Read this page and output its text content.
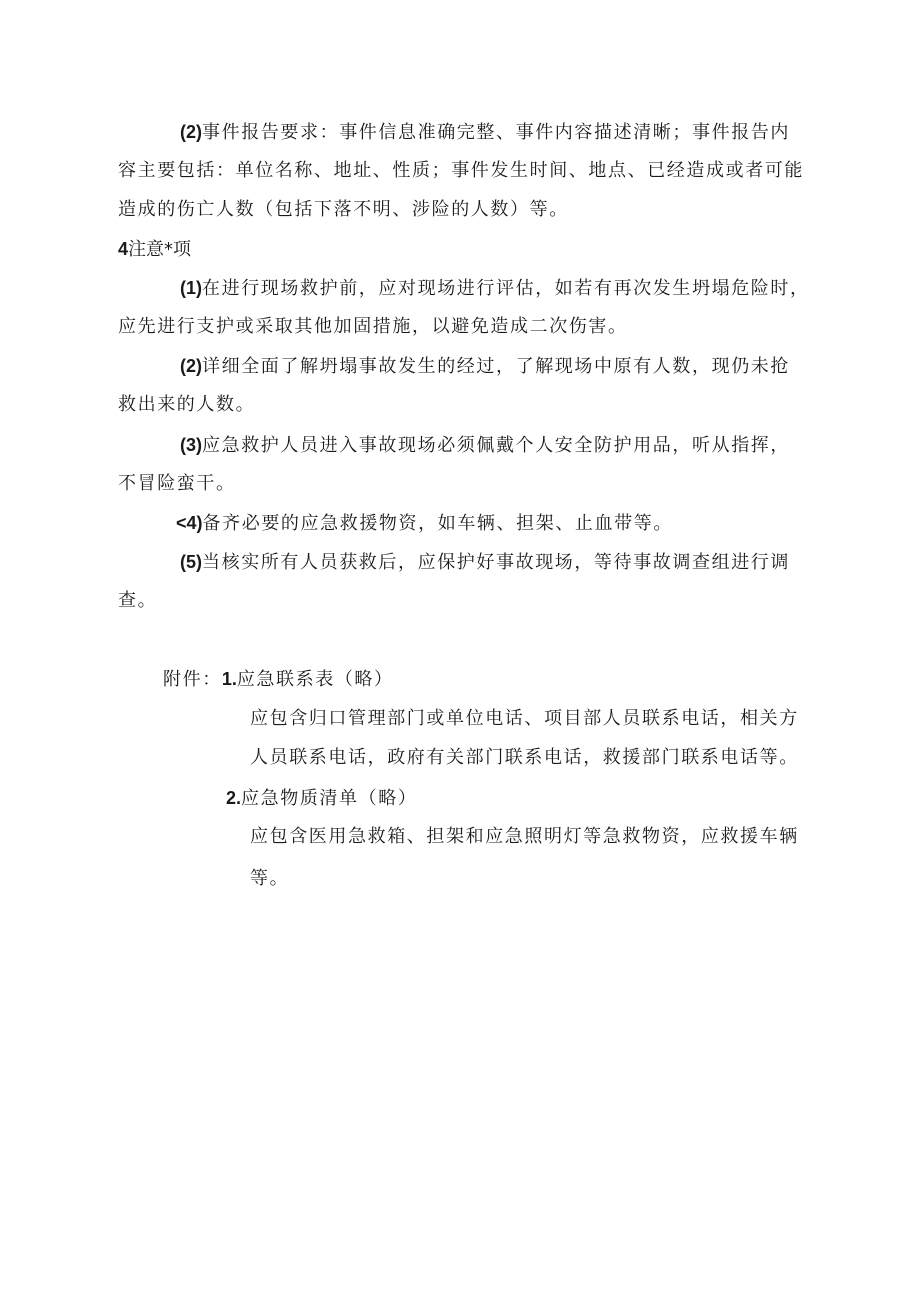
(2)事件报告要求：事件信息准确完整、事件内容描述清晰；事件报告内
容主要包括：单位名称、地址、性质；事件发生时间、地点、已经造成或者可能
造成的伤亡人数（包括下落不明、涉险的人数）等。
4注意*项
(1)在进行现场救护前，应对现场进行评估，如若有再次发生坍塌危险时，
应先进行支护或采取其他加固措施，以避免造成二次伤害。
(2)详细全面了解坍塌事故发生的经过，了解现场中原有人数，现仍未抢
救出来的人数。
(3)应急救护人员进入事故现场必须佩戴个人安全防护用品，听从指挥，
不冒险蛮干。
<4)备齐必要的应急救援物资，如车辆、担架、止血带等。
(5)当核实所有人员获救后，应保护好事故现场，等待事故调查组进行调
查。
附件：1.应急联系表（略）
应包含归口管理部门或单位电话、项目部人员联系电话，相关方
人员联系电话，政府有关部门联系电话，救援部门联系电话等。
2.应急物质清单（略）
应包含医用急救箱、担架和应急照明灯等急救物资，应救援车辆
等。
